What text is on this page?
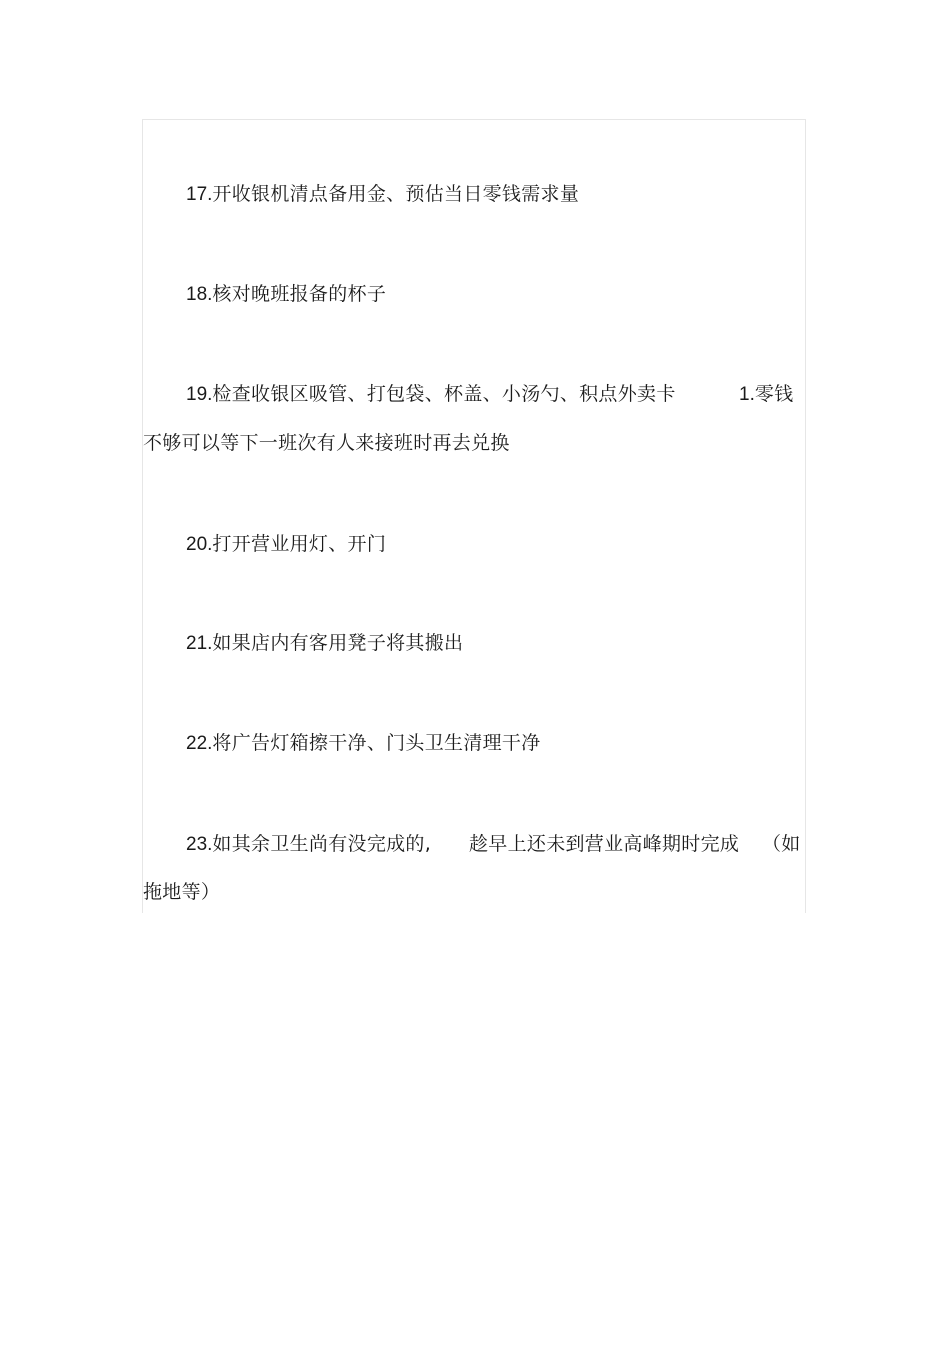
17.开收银机清点备用金、预估当日零钱需求量
18.核对晚班报备的杯子
19.检查收银区吸管、打包袋、杯盖、小汤勺、积点外卖卡	1.零钱
不够可以等下一班次有人来接班时再去兑换
20.打开营业用灯、开门
21.如果店内有客用凳子将其搬出
22.将广告灯箱擦干净、门头卫生清理干净
23.如其余卫生尚有没完成的, 趁早上还未到营业高峰期时完成 （如
拖地等）
